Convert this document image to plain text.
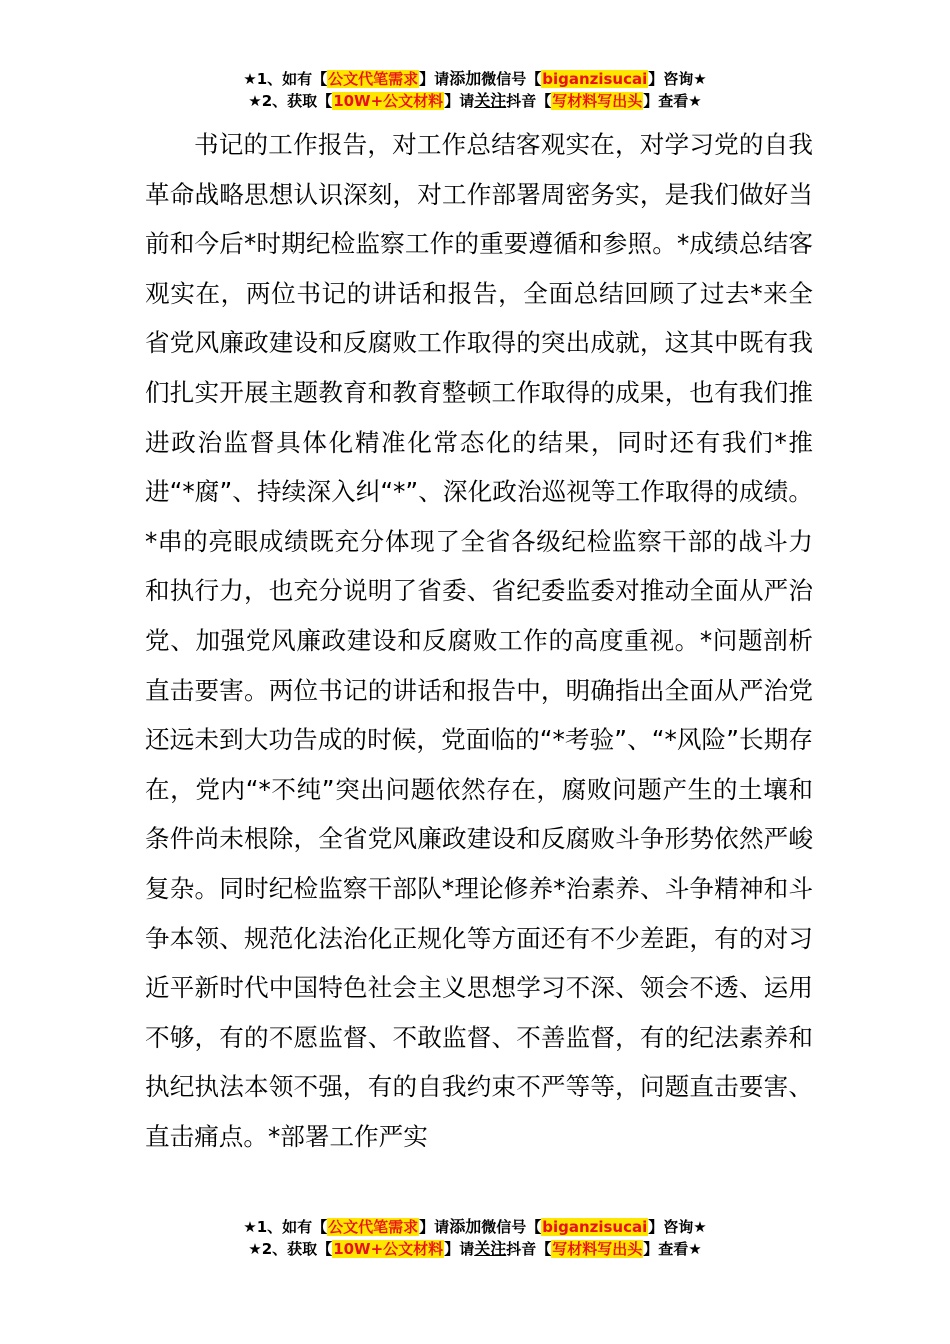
★1、如有【公文代笔需求】请添加微信号【biganzisucai】咨询★
★2、获取【10W+公文材料】请关注抖音【写材料写出头】查看★

书记的工作报告，对工作总结客观实在，对学习党的自我革命战略思想认识深刻，对工作部署周密务实，是我们做好当前和今后*时期纪检监察工作的重要遵循和参照。*成绩总结客观实在，两位书记的讲话和报告，全面总结回顾了过去*来全省党风廉政建设和反腐败工作取得的突出成就，这其中既有我们扎实开展主题教育和教育整顿工作取得的成果，也有我们推进政治监督具体化精准化常态化的结果，同时还有我们*推进“*腐”、持续深入纠“*”、深化政治巡视等工作取得的成绩。*串的亮眼成绩既充分体现了全省各级纪检监察干部的战斗力和执行力，也充分说明了省委、省纪委监委对推动全面从严治党、加强党风廉政建设和反腐败工作的高度重视。*问题剖析直击要害。两位书记的讲话和报告中，明确指出全面从严治党还远未到大功告成的时候，党面临的“*考验”、“*风险”长期存在，党内“*不纯”突出问题依然存在，腐败问题产生的土壤和条件尚未根除，全省党风廉政建设和反腐败斗争形势依然严峻复杂。同时纪检监察干部队*理论修养*治素养、斗争精神和斗争本领、规范化法治化正规化等方面还有不少差距，有的对习近平新时代中国特色社会主义思想学习不深、领会不透、运用不够，有的不愿监督、不敢监督、不善监督，有的纪法素养和执纪执法本领不强，有的自我约束不严等等，问题直击要害、直击痛点。*部署工作严实

★1、如有【公文代笔需求】请添加微信号【biganzisucai】咨询★
★2、获取【10W+公文材料】请关注抖音【写材料写出头】查看★
